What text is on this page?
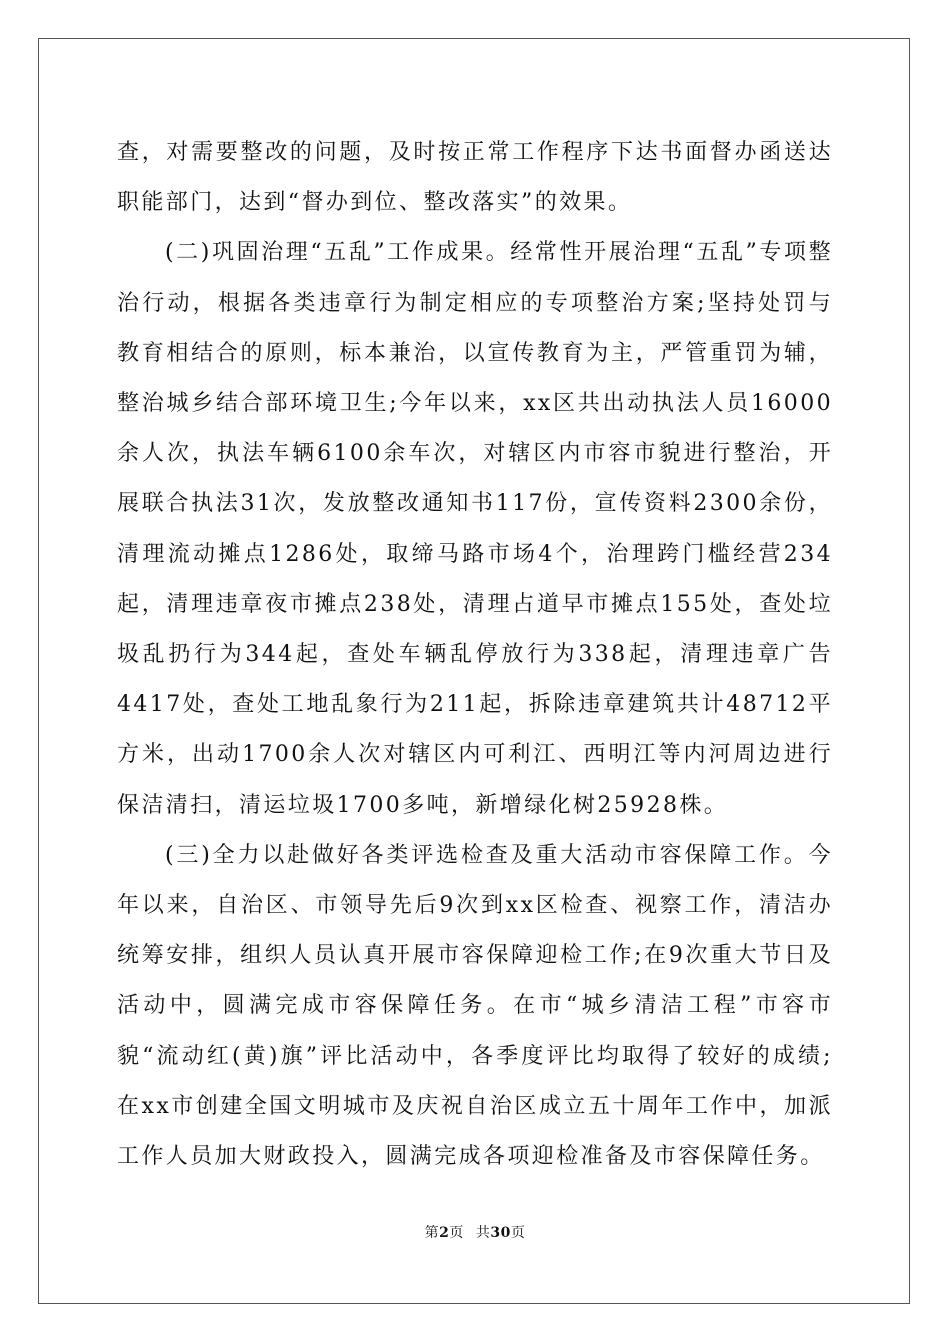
查，对需要整改的问题，及时按正常工作程序下达书面督办函送达职能部门，达到“督办到位、整改落实”的效果。

(二)巩固治理“五乱”工作成果。经常性开展治理“五乱”专项整治行动，根据各类违章行为制定相应的专项整治方案;坚持处罚与教育相结合的原则，标本兼治，以宣传教育为主，严管重罚为辅，整治城乡结合部环境卫生;今年以来，xx区共出动执法人员16000余人次，执法车辆6100余车次，对辖区内市容市貌进行整治，开展联合执法31次，发放整改通知书117份，宣传资料2300余份，清理流动摊点1286处，取缔马路市场4个，治理跨门槛经营234起，清理违章夜市摊点238处，清理占道早市摊点155处，查处垃圾乱扔行为344起，查处车辆乱停放行为338起，清理违章广告4417处，查处工地乱象行为211起，拆除违章建筑共计48712平方米，出动1700余人次对辖区内可利江、西明江等内河周边进行保洁清扫，清运垃圾1700多吨，新增绿化树25928株。

(三)全力以赴做好各类评选检查及重大活动市容保障工作。今年以来，自治区、市领导先后9次到xx区检查、视察工作，清洁办统筹安排，组织人员认真开展市容保障迎检工作;在9次重大节日及活动中，圆满完成市容保障任务。在市“城乡清洁工程”市容市貌“流动红(黄)旗”评比活动中，各季度评比均取得了较好的成绩;在xx市创建全国文明城市及庆祝自治区成立五十周年工作中，加派工作人员加大财政投入，圆满完成各项迎检准备及市容保障任务。

第2页 共30页
